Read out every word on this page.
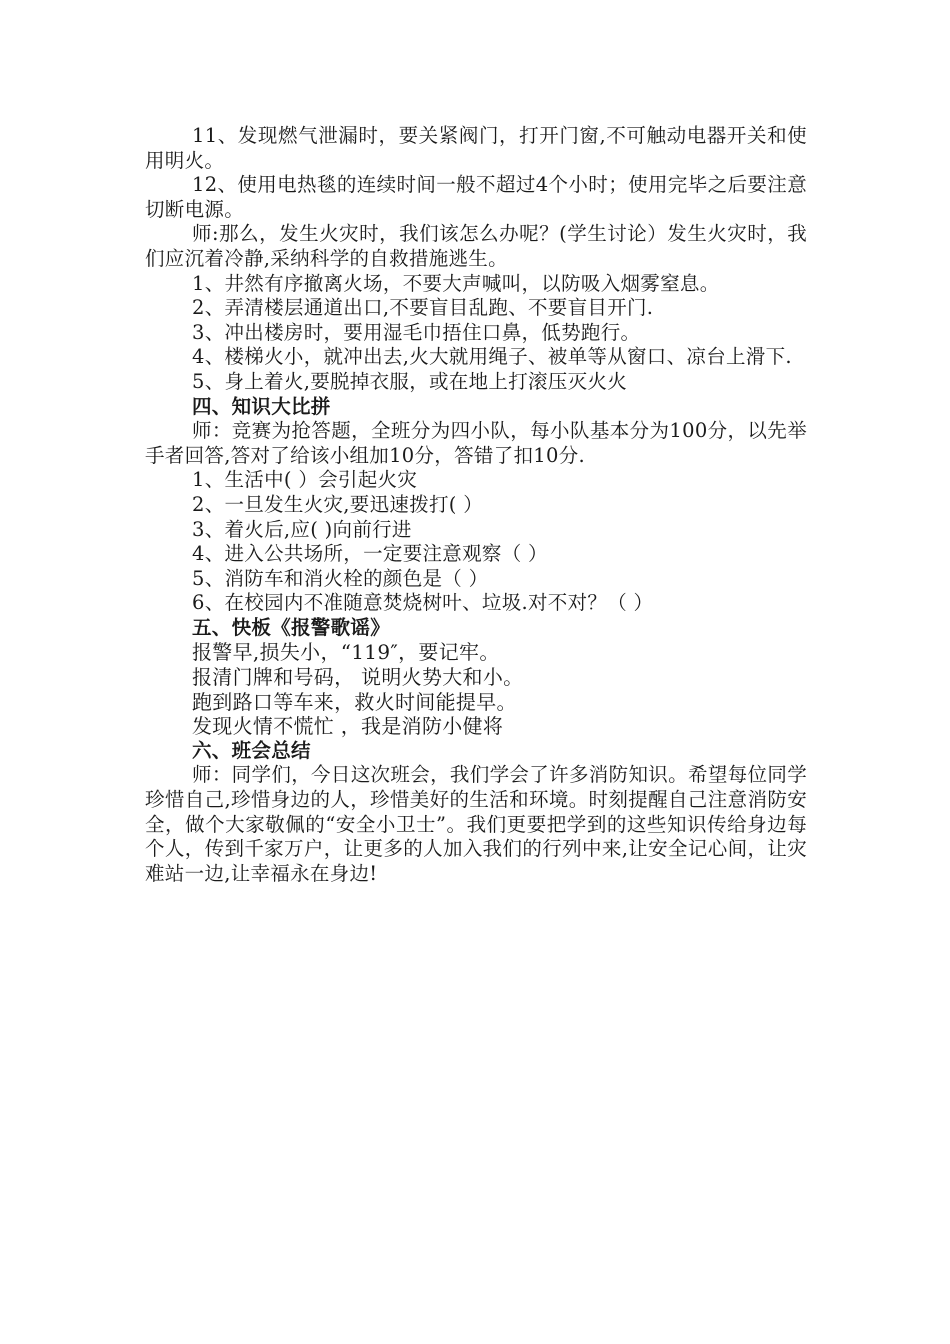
11、发现燃气泄漏时，要关紧阀门，打开门窗,不可触动电器开关和使用明火。

12、使用电热毯的连续时间一般不超过4个小时；使用完毕之后要注意切断电源。

师:那么，发生火灾时，我们该怎么办呢？(学生讨论）发生火灾时，我们应沉着冷静,采纳科学的自救措施逃生。

1、井然有序撤离火场，不要大声喊叫，以防吸入烟雾窒息。

2、弄清楼层通道出口,不要盲目乱跑、不要盲目开门.

3、冲出楼房时，要用湿毛巾捂住口鼻，低势跑行。

4、楼梯火小，就冲出去,火大就用绳子、被单等从窗口、凉台上滑下.

5、身上着火,要脱掉衣服，或在地上打滚压灭火火

四、知识大比拼

师：竞赛为抢答题，全班分为四小队，每小队基本分为100分，以先举手者回答,答对了给该小组加10分，答错了扣10分.

1、生活中( ）会引起火灾

2、一旦发生火灾,要迅速拨打( ）

3、着火后,应( )向前行进

4、进入公共场所，一定要注意观察（ ）

5、消防车和消火栓的颜色是（ ）

6、在校园内不准随意焚烧树叶、垃圾.对不对？（ ）

五、快板《报警歌谣》

报警早,损失小，“119″，要记牢。

报清门牌和号码， 说明火势大和小。

跑到路口等车来，救火时间能提早。

发现火情不慌忙 ，我是消防小健将

六、班会总结

师：同学们，今日这次班会，我们学会了许多消防知识。希望每位同学珍惜自己,珍惜身边的人，珍惜美好的生活和环境。时刻提醒自己注意消防安全，做个大家敬佩的“安全小卫士”。我们更要把学到的这些知识传给身边每个人，传到千家万户，让更多的人加入我们的行列中来,让安全记心间，让灾难站一边,让幸福永在身边!
